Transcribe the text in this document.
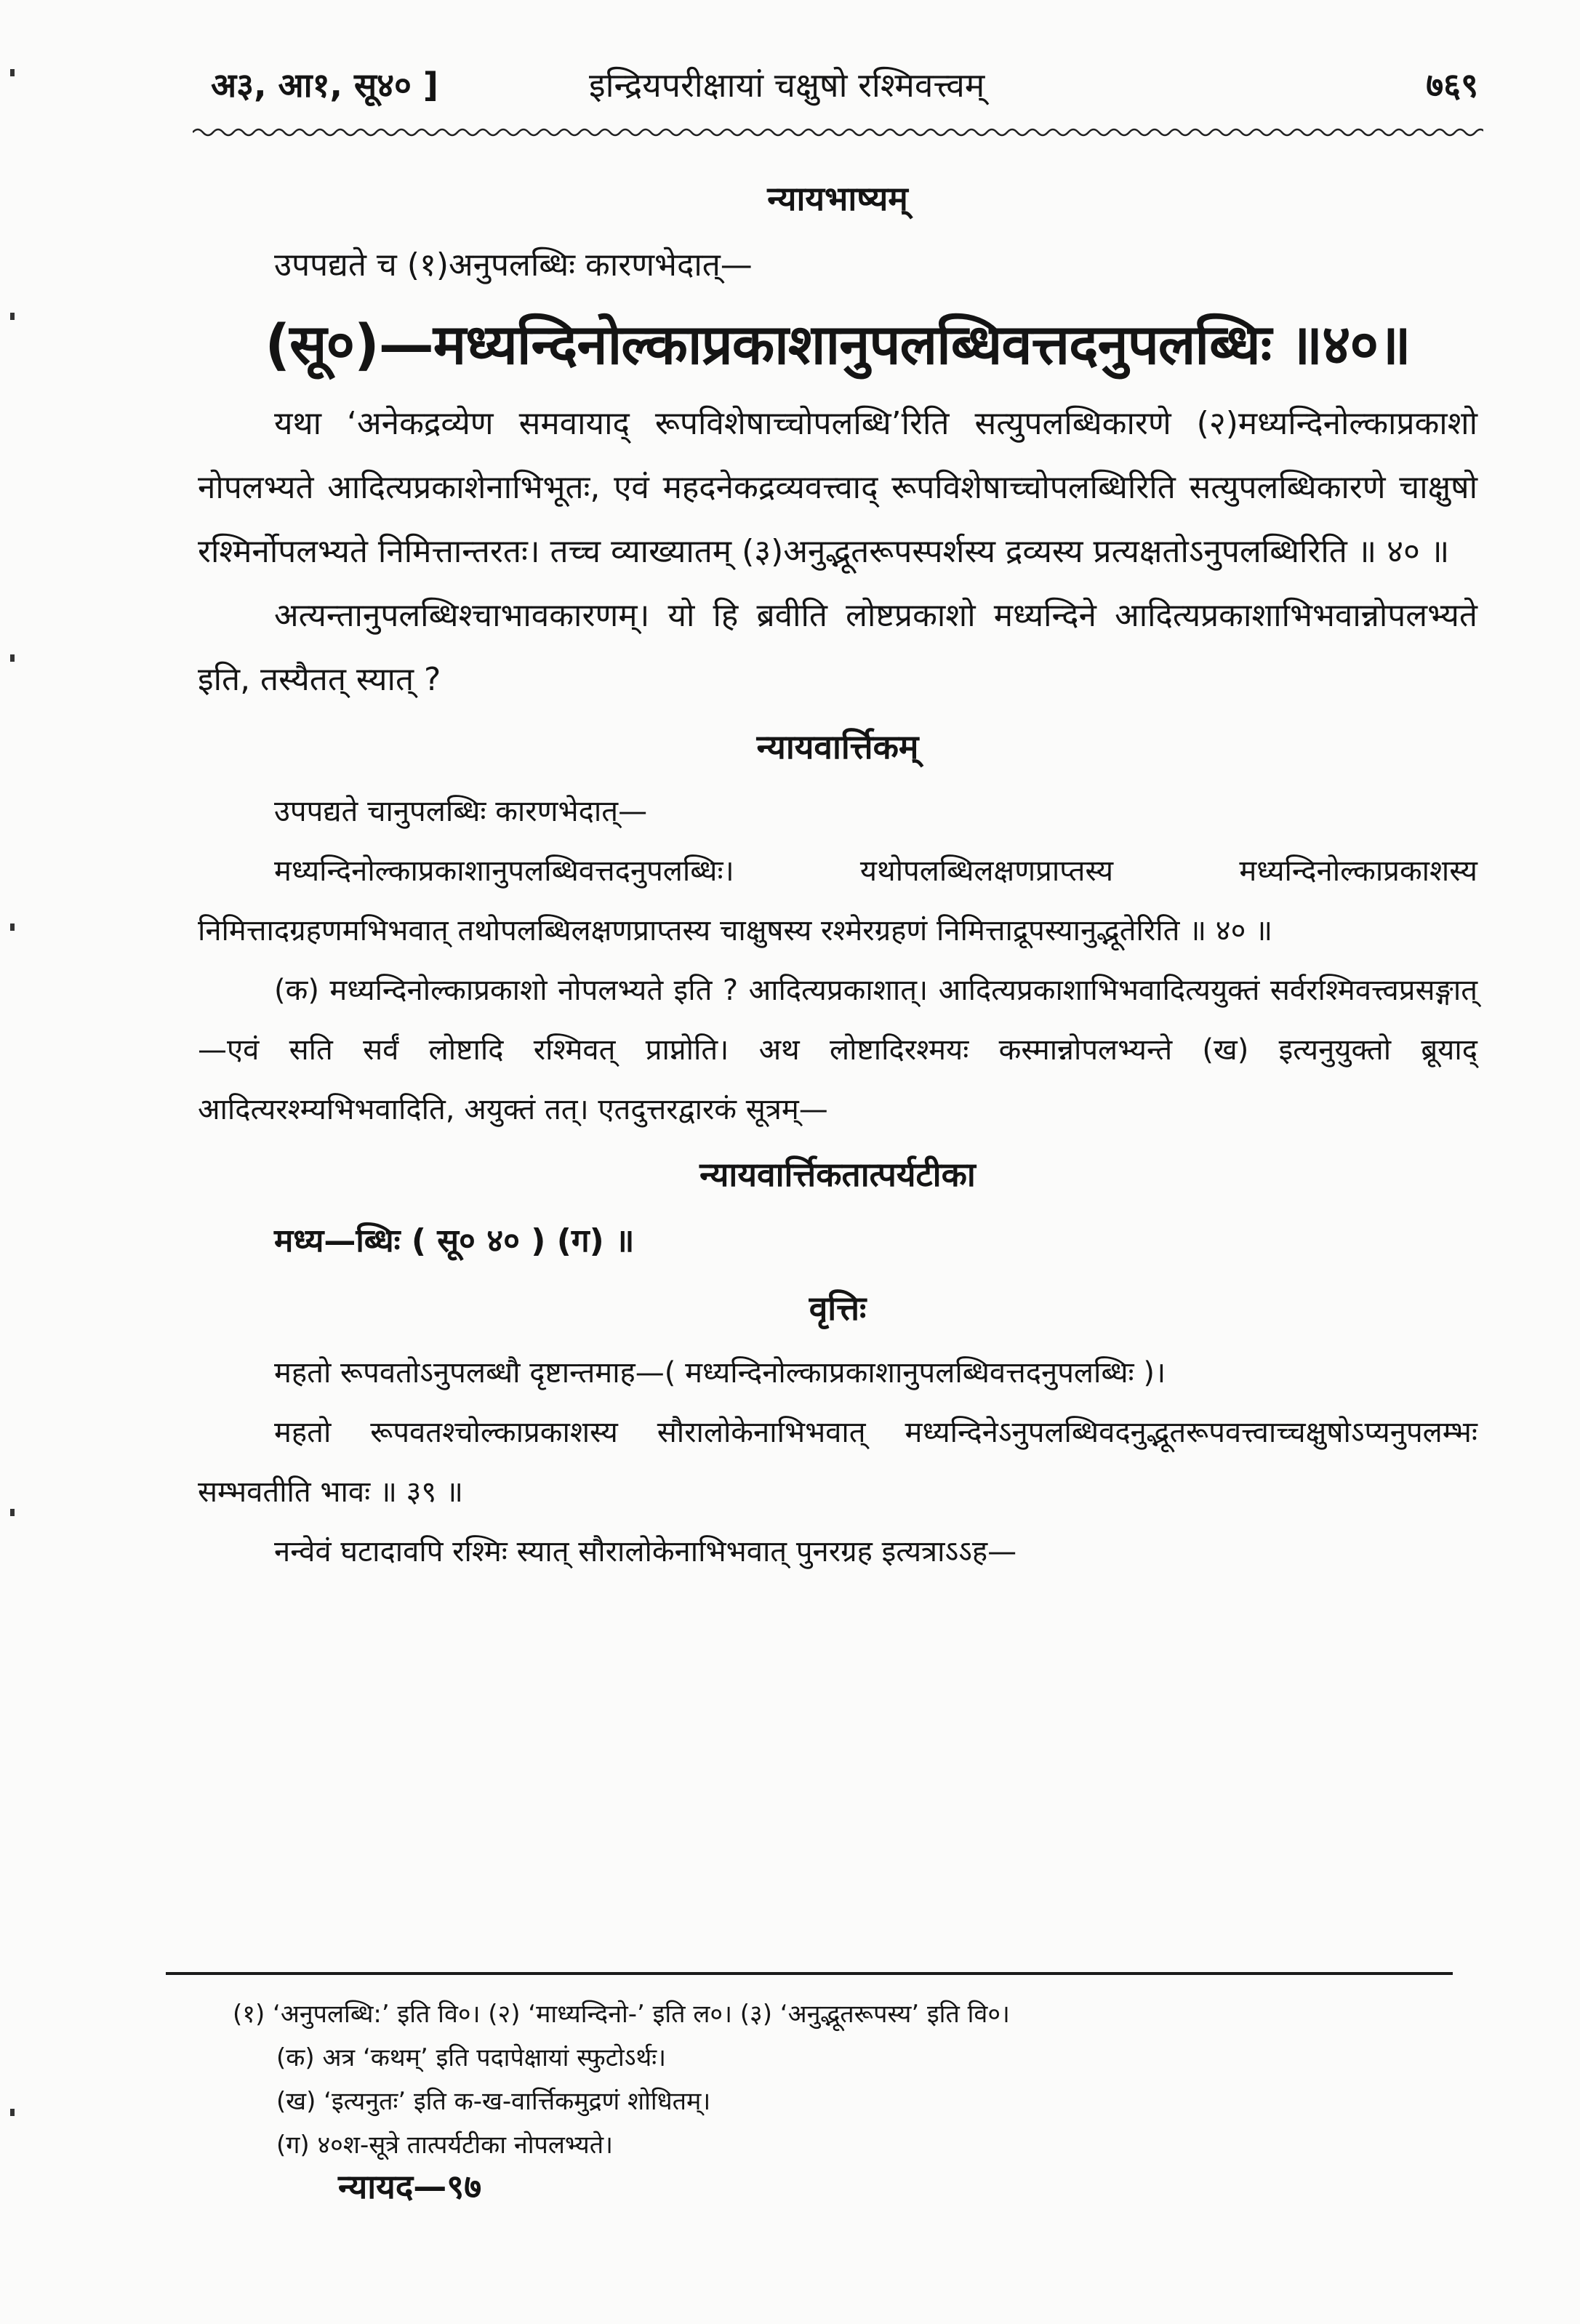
अ३, आ१, सू४० ]	इन्द्रियपरीक्षायां चक्षुषो रश्मिवत्त्वम्	७६९
न्यायभाष्यम्

उपपद्यते च (१)अनुपलब्धिः कारणभेदात्—

(सू०)—मध्यन्दिनोल्काप्रकाशानुपलब्धिवत्तदनुपलब्धिः ॥४०॥

यथा ‘अनेकद्रव्येण समवायाद् रूपविशेषाच्चोपलब्धि’रिति सत्युपलब्धिकारणे (२)मध्यन्दिनोल्काप्रकाशो नोपलभ्यते आदित्यप्रकाशेनाभिभूतः, एवं महदनेकद्रव्यवत्त्वाद् रूपविशेषाच्चोपलब्धिरिति सत्युपलब्धिकारणे चाक्षुषो रश्मिर्नोपलभ्यते निमित्तान्तरतः। तच्च व्याख्यातम् (३)अनुद्भूतरूपस्पर्शस्य द्रव्यस्य प्रत्यक्षतोऽनुपलब्धिरिति ॥ ४० ॥

अत्यन्तानुपलब्धिश्चाभावकारणम्। यो हि ब्रवीति लोष्टप्रकाशो मध्यन्दिने आदित्यप्रकाशाभिभवान्नोपलभ्यते इति, तस्यैतत् स्यात् ?

न्यायवार्त्तिकम्

उपपद्यते चानुपलब्धिः कारणभेदात्—

मध्यन्दिनोल्काप्रकाशानुपलब्धिवत्तदनुपलब्धिः। यथोपलब्धिलक्षणप्राप्तस्य मध्यन्दिनोल्काप्रकाशस्य निमित्तादग्रहणमभिभवात् तथोपलब्धिलक्षणप्राप्तस्य चाक्षुषस्य रश्मेरग्रहणं निमित्ताद्रूपस्यानुद्भूतेरिति ॥ ४० ॥

(क) मध्यन्दिनोल्काप्रकाशो नोपलभ्यते इति ? आदित्यप्रकाशात्। आदित्यप्रकाशाभिभवादित्ययुक्तं सर्वरश्मिवत्त्वप्रसङ्गात्—एवं सति सर्वं लोष्टादि रश्मिवत् प्राप्नोति। अथ लोष्टादिरश्मयः कस्मान्नोपलभ्यन्ते (ख) इत्यनुयुक्तो ब्रूयाद् आदित्यरश्म्यभिभवादिति, अयुक्तं तत्। एतदुत्तरद्वारकं सूत्रम्—

न्यायवार्त्तिकतात्पर्यटीका

मध्य—ब्धिः ( सू० ४० ) (ग) ॥

वृत्तिः

महतो रूपवतोऽनुपलब्धौ दृष्टान्तमाह—( मध्यन्दिनोल्काप्रकाशानुपलब्धिवत्तदनुपलब्धिः )।

महतो रूपवतश्चोल्काप्रकाशस्य सौरालोकेनाभिभवात् मध्यन्दिनेऽनुपलब्धिवदनुद्भूतरूपवत्त्वाच्चक्षुषोऽप्यनुपलम्भः सम्भवतीति भावः ॥ ३९ ॥

नन्वेवं घटादावपि रश्मिः स्यात् सौरालोकेनाभिभवात् पुनरग्रह इत्यत्राऽऽह—

(१) ‘अनुपलब्धि:’ इति वि०। (२) ‘माध्यन्दिनो-’ इति ल०। (३) ‘अनुद्भूतरूपस्य’ इति वि०।

(क) अत्र ‘कथम्’ इति पदापेक्षायां स्फुटोऽर्थः।

(ख) ‘इत्यनुतः’ इति क-ख-वार्त्तिकमुद्रणं शोधितम्।

(ग) ४०श-सूत्रे तात्पर्यटीका नोपलभ्यते।

न्यायद—९७
